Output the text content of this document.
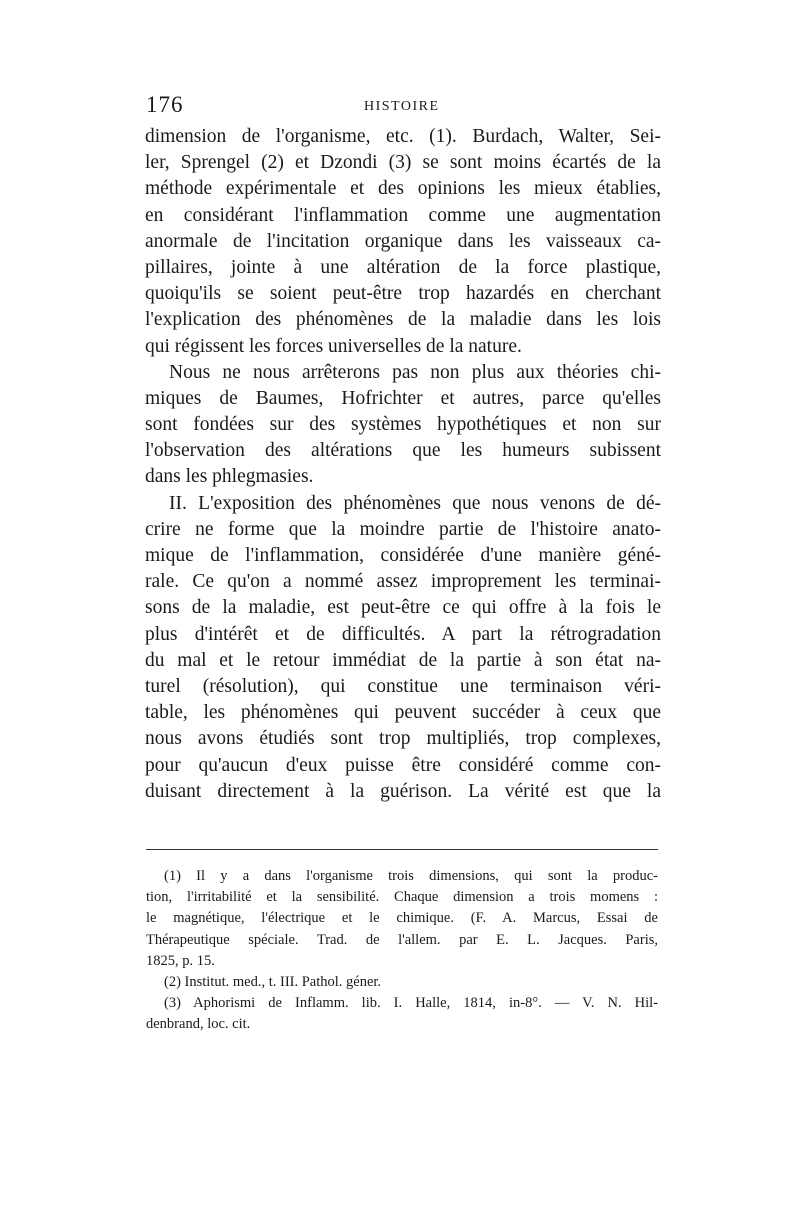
176	HISTOIRE
dimension de l'organisme, etc. (1). Burdach, Walter, Sei-
ler, Sprengel (2) et Dzondi (3) se sont moins écartés de la
méthode expérimentale et des opinions les mieux établies,
en considérant l'inflammation comme une augmentation
anormale de l'incitation organique dans les vaisseaux ca-
pillaires, jointe à une altération de la force plastique,
quoiqu'ils se soient peut-être trop hazardés en cherchant
l'explication des phénomènes de la maladie dans les lois
qui régissent les forces universelles de la nature.
Nous ne nous arrêterons pas non plus aux théories chi-
miques de Baumes, Hofrichter et autres, parce qu'elles
sont fondées sur des systèmes hypothétiques et non sur
l'observation des altérations que les humeurs subissent
dans les phlegmasies.
II. L'exposition des phénomènes que nous venons de dé-
crire ne forme que la moindre partie de l'histoire anato-
mique de l'inflammation, considérée d'une manière géné-
rale. Ce qu'on a nommé assez improprement les terminai-
sons de la maladie, est peut-être ce qui offre à la fois le
plus d'intérêt et de difficultés. A part la rétrogradation
du mal et le retour immédiat de la partie à son état na-
turel (résolution), qui constitue une terminaison véri-
table, les phénomènes qui peuvent succéder à ceux que
nous avons étudiés sont trop multipliés, trop complexes,
pour qu'aucun d'eux puisse être considéré comme con-
duisant directement à la guérison. La vérité est que la
(1) Il y a dans l'organisme trois dimensions, qui sont la produc-
tion, l'irritabilité et la sensibilité. Chaque dimension a trois momens :
le magnétique, l'électrique et le chimique. (F. A. Marcus, Essai de
Thérapeutique spéciale. Trad. de l'allem. par E. L. Jacques. Paris,
1825, p. 15.
(2) Institut. med., t. III. Pathol. géner.
(3) Aphorismi de Inflamm. lib. I. Halle, 1814, in-8°. — V. N. Hil-
denbrand, loc. cit.
